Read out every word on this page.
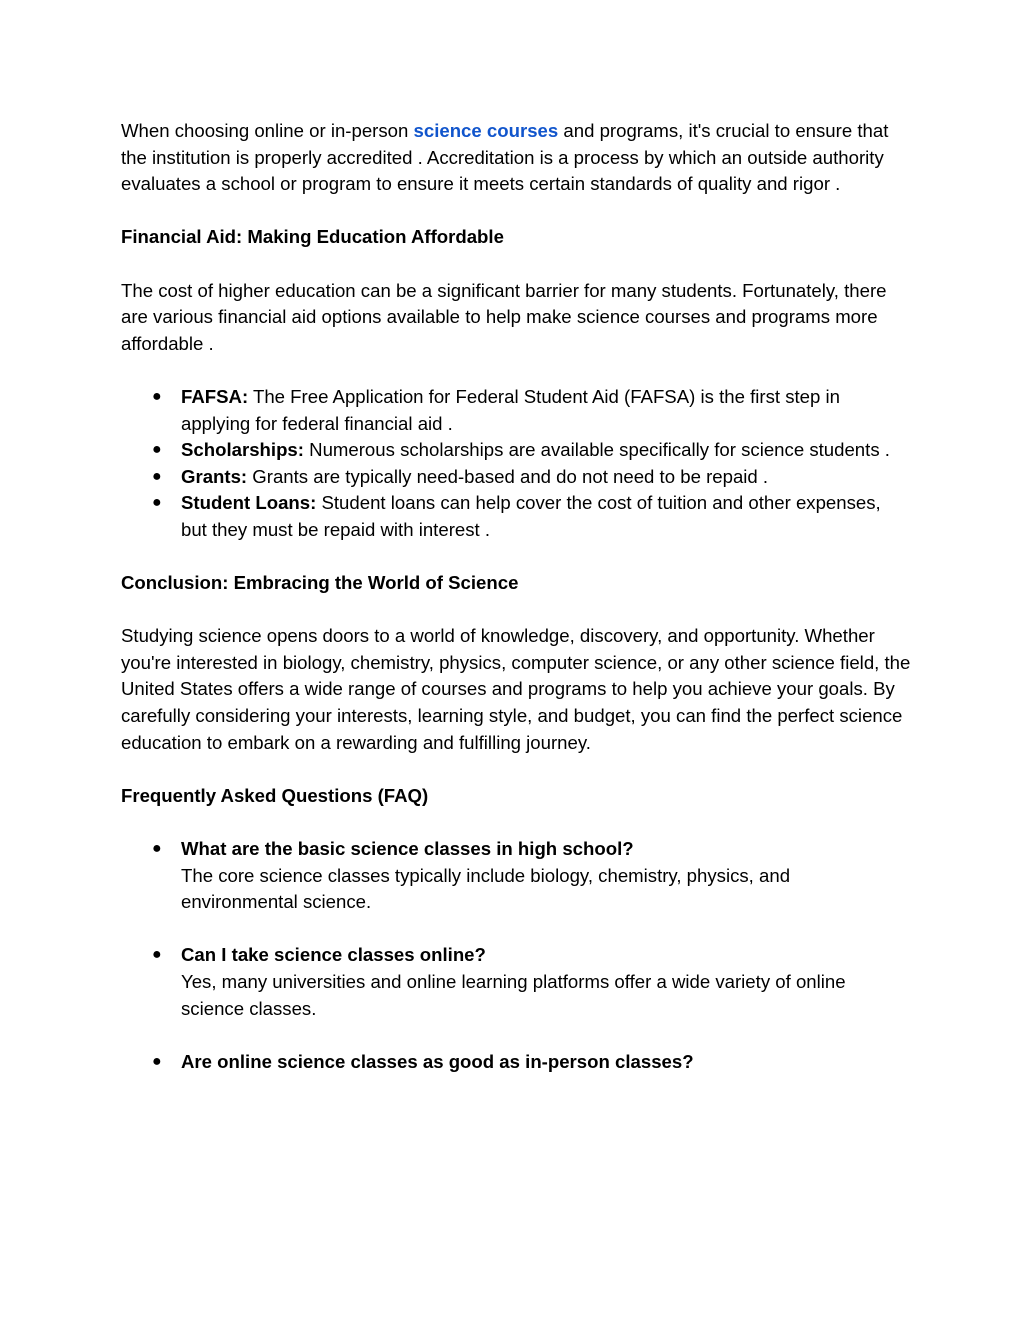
When choosing online or in-person science courses and programs, it's crucial to ensure that the institution is properly accredited . Accreditation is a process by which an outside authority evaluates a school or program to ensure it meets certain standards of quality and rigor .

Financial Aid: Making Education Affordable

The cost of higher education can be a significant barrier for many students. Fortunately, there are various financial aid options available to help make science courses and programs more affordable .

● FAFSA: The Free Application for Federal Student Aid (FAFSA) is the first step in applying for federal financial aid .
● Scholarships: Numerous scholarships are available specifically for science students .
● Grants: Grants are typically need-based and do not need to be repaid .
● Student Loans: Student loans can help cover the cost of tuition and other expenses, but they must be repaid with interest .
Conclusion: Embracing the World of Science

Studying science opens doors to a world of knowledge, discovery, and opportunity. Whether you're interested in biology, chemistry, physics, computer science, or any other science field, the United States offers a wide range of courses and programs to help you achieve your goals. By carefully considering your interests, learning style, and budget, you can find the perfect science education to embark on a rewarding and fulfilling journey.

Frequently Asked Questions (FAQ)
● What are the basic science classes in high school?
The core science classes typically include biology, chemistry, physics, and environmental science.
● Can I take science classes online?
Yes, many universities and online learning platforms offer a wide variety of online science classes.
● Are online science classes as good as in-person classes?
